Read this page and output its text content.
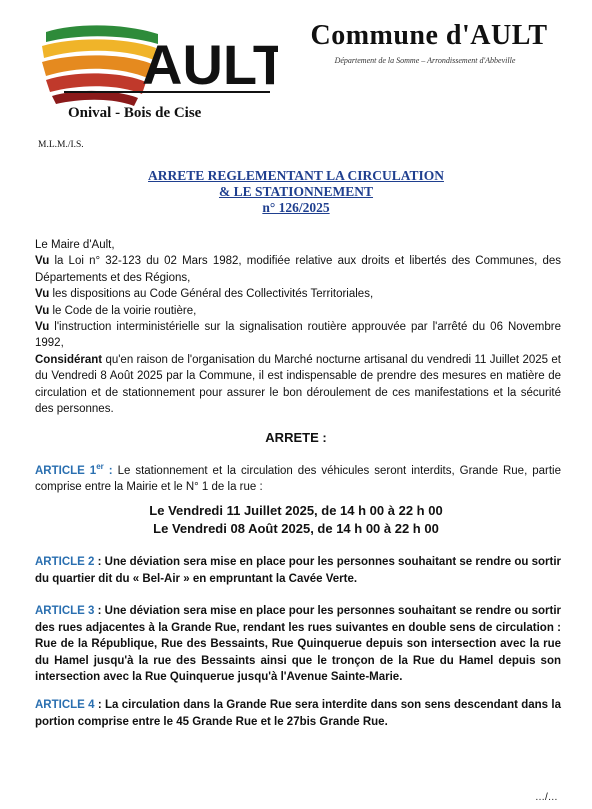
AULT
Onival - Bois de Cise
Commune d'AULT
Département de la Somme – Arrondissement d'Abbeville
M.L.M./I.S.
ARRETE REGLEMENTANT LA CIRCULATION
& LE STATIONNEMENT
n° 126/2025

Le Maire d'Ault,

Vu la Loi n° 32-123 du 02 Mars 1982, modifiée relative aux droits et libertés des Communes, des Départements et des Régions,

Vu les dispositions au Code Général des Collectivités Territoriales,

Vu le Code de la voirie routière,

Vu l'instruction interministérielle sur la signalisation routière approuvée par l'arrêté du 06 Novembre 1992,

Considérant qu'en raison de l'organisation du Marché nocturne artisanal du vendredi 11 Juillet 2025 et du Vendredi 8 Août 2025 par la Commune, il est indispensable de prendre des mesures en matière de circulation et de stationnement pour assurer le bon déroulement de ces manifestations et la sécurité des personnes.

ARRETE :
ARTICLE 1er : Le stationnement et la circulation des véhicules seront interdits, Grande Rue, partie comprise entre la Mairie et le N° 1 de la rue :
Le Vendredi 11 Juillet 2025, de 14 h 00 à 22 h 00
Le Vendredi 08 Août 2025, de 14 h 00 à 22 h 00
ARTICLE 2 : Une déviation sera mise en place pour les personnes souhaitant se rendre ou sortir du quartier dit du « Bel-Air » en empruntant la Cavée Verte.
ARTICLE 3 : Une déviation sera mise en place pour les personnes souhaitant se rendre ou sortir des rues adjacentes à la Grande Rue, rendant les rues suivantes en double sens de circulation : Rue de la République, Rue des Bessaints, Rue Quinquerue depuis son intersection avec la rue du Hamel jusqu'à la rue des Bessaints ainsi que le tronçon de la Rue du Hamel depuis son intersection avec la Rue Quinquerue jusqu'à l'Avenue Sainte-Marie.
ARTICLE 4 : La circulation dans la Grande Rue sera interdite dans son sens descendant dans la portion comprise entre le 45 Grande Rue et le 27bis Grande Rue.
…/…
